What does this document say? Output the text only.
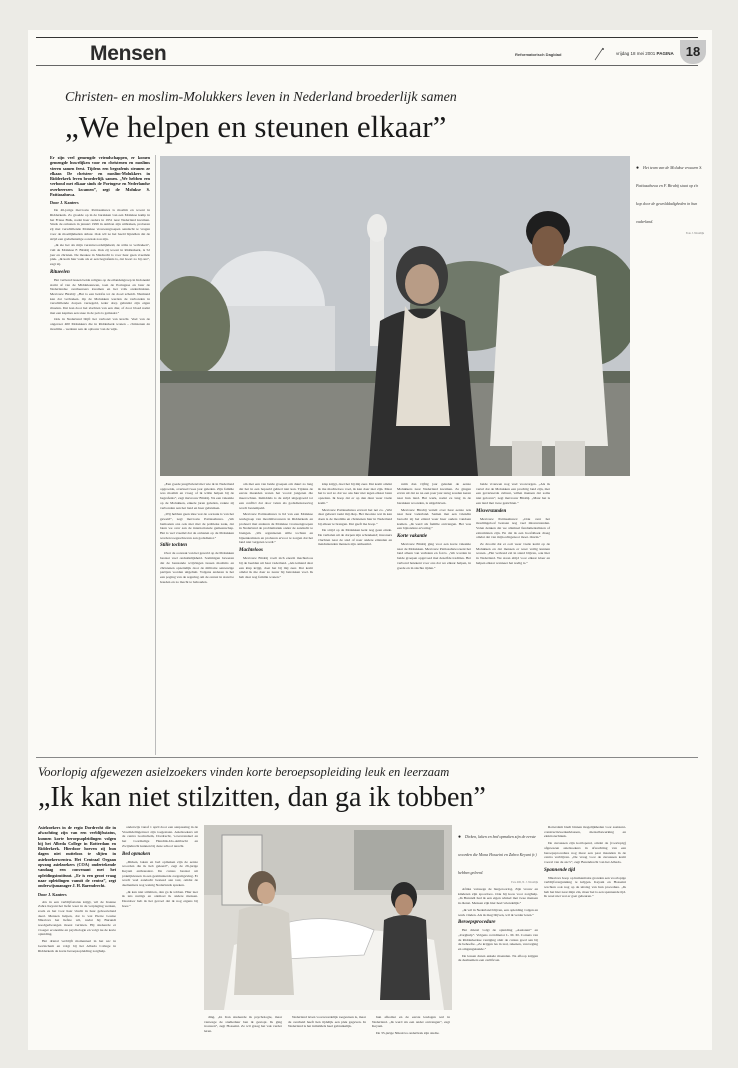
Mensen	Reformatorisch Dagblad	vrijdag 18 mei 2001 PAGINA 18
Christen- en moslim-Molukkers leven in Nederland broederlijk samen
„We helpen en steunen elkaar”
Er zijn veel gemengde vriendschappen, er komen gemengde huwelijken voor en christenen en moslims vieren samen feest. Tijdens een begrafenis steunen ze elkaar. De christen- en moslim-Molukkers in Ridderkerk leven broederlijk samen. „We hebben een verbond met elkaar sinds de Portugese en Nederlandse overheersers kwamen”, zegt de Molukse S. Pattiasahuwa.
Door J. Kanters

De 46-jarige mevrouw Pattiasahuwa is moslim en woont in Ridderkerk. Zo groeide op in de barakken van een Molukse kamp in het Friese Balk, nadat haar ouders in 1951 naar Nederland kwamen. Sinds de onlusten in januari 1999 in Ambon zijn uitbraken, proberen zij met verschillende Molukse vrouwengroepen aandacht te vragen voor de moeilijkheden aldaar. Ook wil ze het beeld bijstellen dat de strijd een godsdienstige oorzaak zou zijn.

„Ik zie het als mijn verantwoordelijkheid, de stilte te verbreken”, vult de Molukse F. Birabij aan. Ook zij woont in Ridderkerk, is 52 jaar en christen. De moskee in Sliedrecht is voor haar geen vreemde plek. „Ik kom hier vaak als er een begrafenis is, dat hoort zo bij ons”, zegt zij.

Ritueelen

Het verbond tussen beide religies op de eilandengroep in Indonesië stamt af van de Middeleeuwen, toen de Portugese en later de Nederlandse overheersers kwamen en het volk onderdrukten. Mevrouw Birabij: „Het is een belofte tot de dood scheidt. Niemand kan dat verbreken. Op de Molukken werden de verbonden in verschillende dorpen verzegeld, ieder dorp gebruikt zijn eigen rituelen. Dat kan door het slachten van een dier, of door bloed nadat met een kapmes een snee in de pols is gemaakt.”

Ook in Nederland blijft het verbond van kracht. Veel van de ongeveer 400 Molukkers die in Ridderkerk wonen – christenen én moslims – werkten aan de opbouw van de wijk.

● Het team van de Molukse vrouwen S. Pattiasahuwa en F. Birabij staat op z'n kop door de gewelddadigheden in hun vaderland.
Foto J. Westdijk

„Een goede jeugdvriend met wie ik in Nederland opgroeide, overleed twee jaar geleden. Zijn familie was moslim en vroeg of ik wilde helpen bij de begrafenis”, zegt mevrouw Birabij. Na een vakantie op de Molukken, enkele jaren geleden, raakte zij verbonden aan het land en haar gebruiken.

„Wij hebben geen idee wat de oorzaak is van het geweld”, zegt mevrouw Pattiasahuwa. „We bemoeien ons ook niet met de politieke zaak, dat laten we over aan de internationale gemeenschap. Het is wel vreemd dat de onlusten op de Molukken worden toegeschreven aan godsdienst.”

Stille tochten

Over de oorzaak van het geweld op de Molukken bestaat veel onduidelijkheid. Sommigen beweren dat de bestaande wrijvingen tussen moslims en christenen opzettelijk door de militaire aanwezige partijen worden uitgebuit. Volgens anderen is het een poging van de regering om de onrust in stand te houden en zo macht te behouden.

om met een van beide groepen om duurt zo lang dat het in een bepaald gebied niet kan. Tijdens de eerste maanden waren het vooral jongeren die meevochten. Inmiddels is de strijd uitgegroeid tot een conflict dat door velen als godsdienstoorlog wordt bestempeld.

Mevrouw Pattiasahuwa is lid van een Molukse werkgroep van moslimvrouwen in Ridderkerk en probeert met anderen de Molukse vrouwengroepen in Nederland de problematiek onder de aandacht te brengen. „We organiseren stille tochten en bijeenkomsten en proberen ervoor te zorgen dat het land niet vergeten wordt.”

Machteloos

Mevrouw Birabij voelt zich enorm machteloos bij de beelden uit haar vaderland. „Als iemand daar een klap krijgt, doet het bij mij zeer. Dat komt omdat ik me daar zo nauw bij betrokken voel. Ik heb daar nog familie wonen.”

klap krijgt, doet het bij mij zeer. Dat komt omdat ik me machteloos voel, ik kan daar niet zijn. Maar het is wel zo dat we ons hier niet tegen elkaar laten opzetten. Ik hoop dat er op den duur weer vrede komt.”

Mevrouw Pattiasahuwa ervaart het net zo. „Wat daar gebeurt raakt mij diep. Het mooiste wat ik kan doen is de moslims en christenen hier in Nederland bij elkaar te brengen. Dat geeft me hoop.”

De strijd op de Molukken kent nog geen einde. De verhalen uit de dorpen zijn schokkend; inwoners vluchten naar de stad of naar andere eilanden en tienduizenden mensen zijn ontheemd.

ruim dan vijftig jaar geleden de eerste Molukkers naar Nederland kwamen. Ze gingen ervan uit dat ze na een paar jaar terug zouden keren naar hun land. Het werk, nadat ze lang in de barakken woonden, is uitgebleven.

Mevrouw Birabij vertelt over haar eerste reis naar haar vaderland. Samen met een vriendin bezocht zij het eiland waar haar ouders vandaan komen. „Ik werd als familie ontvangen. Het was een bijzondere ervaring.”

Korte vakantie

Mevrouw Birabij ging voor een korte vakantie naar de Molukken. Mevrouw Pattiasahuwa kent het land alleen van verhalen en foto's. „We worden in beide groepen opgevoed met dezelfde tradities. Het verbond betekent voor ons dat we elkaar helpen, in goede en in slechte tijden.”

beide vrouwen nog veel voorzorgen. „Als ik vertel dat de Molukken een prachtig land zijn, met een gevarieerde cultuur, willen mensen dat soms niet geloven”, zegt mevrouw Birabij. „Maar het is een land met twee gezichten.”

Misverstanden

Mevrouw Pattiasahuwa: „Ook over het moslimgeloof bestaan nog veel misverstanden. Volen denken dat we allemaal fundamentalisten of extremisten zijn. En dat ik een hoofddoek draag omdat dat van mijn echtgenoot moet. Onzin.”

Ze droomt dat er ooit weer vrede komt op de Molukken en dat mensen er weer veilig kunnen wonen. „Het verbond zal in stand blijven, ook hier in Nederland. We staan altijd voor elkaar klaar en helpen elkaar wanneer het nodig is.”

Voorlopig afgewezen asielzoekers vinden korte beroepsopleiding leuk en leerzaam
„Ik kan niet stilzitten, dan ga ik tobben”
Asielzoekers in de regio Dordrecht die in afwachting zijn van een verblijfsstatus, kunnen korte beroepsopleidingen volgen bij het Albeda College in Rotterdam en Ridderkerk. Hierdoor hoeven zij hun dagen niet nutteloos te slijten in asielzoekerscentra. Het Centraal Orgaan opvang asielzoekers (COA) ondertekende vandaag een convenant met het opleidingsinstituut. „Er is een groot vraag naar opleidingen vanuit de centra”, zegt onderwijsmanager J. H. Barendrecht.
Door J. Kanters

Als in een verblijfsstatus krijgt, wil de Iraanse Zahra Keyani het liefst weer in de verpleging werken, zoals ze het voor haar vlucht in haar geboorteland deed. Mensen helpen, dat is wat Pierre Louise Nikalova het liefste wil, nadat hij Burundi noodgedwongen moest verlaten. Hij studeerde er vroeger economie en psychologie en volgt nu de korte opleiding.

Het drietal verblijft momenteel in het azc in Gorinchem en volgt bij het Albeda College in Ridderkerk de korte beroepsopleiding zorghulp.

onderwijs vanaf 1 april door een aanpassing in de Vreemdelingenwet zijn toegestaan. Asielzoekers uit de centra Gorinchem, Dordrecht, 's-Gravendeel en het voormalige Hendrik-Ido-Ambacht en Zwijndrecht kunnen bij deze school terecht.

Bed opmaken

„Dirken, laken en bed opmaken zijn de eerste woorden die ik heb geleerd”, zegt de 26-jarige Keyani enthousiast. De cursus bestaat uit praktijklessen in een gesimuleerde zorgomgeving. Er wordt veel aandacht besteed aan taal, omdat de deelnemers nog weinig Nederlands spreken.

„Ik kan niet stilzitten, dan ga ik tobben. Hier leer ik iets nuttigs en ontmoet ik andere mensen. Daardoor heb ik het gevoel dat ik nog ergens bij hoor.”

ding. „In Iran studeerde ik psychologie, maar vanwege de studieduur ben ik gestopt. Ik ging trouwen”, zegt Hosseini. Ze wil graag het vak verder leren.

Nederland leven voorwaardelijk toegestaan is, maar de overheid heeft hen tijdelijk een plek gegeven. In Nederland is het inmiddels heel gebruikelijk.

hun afkomst en de eerste lesdagen wel in Nederland. „Ik werd als een ander ontvangen”, zegt Keyani.

De 33-jarige Nikalova onderbrak zijn studie.

● Dirken, laken en bed opmaken zijn de eerste woorden die Mona Hosseini en Zahra Keyani (r.) hebben geleerd.
Foto RD, N. J. Westdijk

Afrika vanwege de burgeroorlog. Zijn vrouw en kinderen zijn spoorloos. Ook hij koos voor zorghulp. „In Burundi had ik een eigen winkel met twee mensen in dienst. Mensen zijn hier heel vriendelijk.”

„Ik wil in Nederland blijven, een opleiding volgen en werk vinden. Als ik mag blijven, wil ik verder leren.”

Beroepsprocedure

Het drietal volgt de opleiding „Assistent” en „Zorghulp”. Volgens coördinator L. M. M. Cornets van de Ridderkerkse vestiging sluit de cursus goed aan bij de behoefte. „Ze krijgen les in taal, rekenen, verzorging en omgangskunde.”

De lessen duren enkele maanden. Na afloop krijgen de deelnemers een certificaat.

Rotterdam biedt binnen mogelijkheden voor assistent-constructiewerkerklassen, metaalbewerking en elektrotechniek.

De cursussen zijn kortlopend, omdat de (voorlopig) afgewezen asielzoekers in afwachting van een beroepsprocedure nog maar een paar maanden in de centra verblijven. „De vraag voor de cursussen komt vooral van de azc's”, zegt Barendrecht van het Albeda.

Spannende tijd

Nikalova hoop op humanitaire gronden een voorlopige verblijfsvergunning te krijgen. Keyani en Hosseini wachten ook nog op de uitslag van hun procedure. „Ik heb het hier naar mijn zin, maar het is een spannende tijd. Ik weet niet wat er gaat gebeuren.”
